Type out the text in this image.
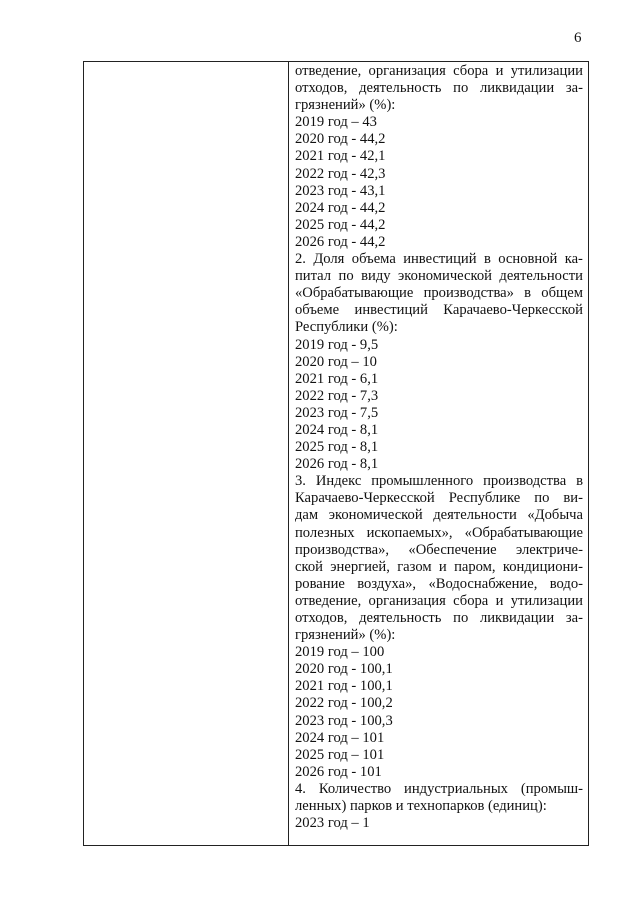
6
отведение, организация сбора и утилизации
отходов, деятельность по ликвидации за-
грязнений» (%):
2019 год – 43
2020 год - 44,2
2021 год - 42,1
2022 год - 42,3
2023 год - 43,1
2024 год - 44,2
2025 год - 44,2
2026 год - 44,2
2. Доля объема инвестиций в основной ка-
питал по виду экономической деятельности
«Обрабатывающие производства» в общем
объеме инвестиций Карачаево-Черкесской
Республики (%):
2019 год - 9,5
2020 год – 10
2021 год - 6,1
2022 год - 7,3
2023 год - 7,5
2024 год - 8,1
2025 год - 8,1
2026 год - 8,1
3. Индекс промышленного производства в
Карачаево-Черкесской Республике по ви-
дам экономической деятельности «Добыча
полезных ископаемых», «Обрабатывающие
производства», «Обеспечение электриче-
ской энергией, газом и паром, кондициони-
рование воздуха», «Водоснабжение, водо-
отведение, организация сбора и утилизации
отходов, деятельность по ликвидации за-
грязнений» (%):
2019 год – 100
2020 год - 100,1
2021 год - 100,1
2022 год - 100,2
2023 год - 100,3
2024 год – 101
2025 год – 101
2026 год - 101
4. Количество индустриальных (промыш-
ленных) парков и технопарков (единиц):
2023 год – 1
